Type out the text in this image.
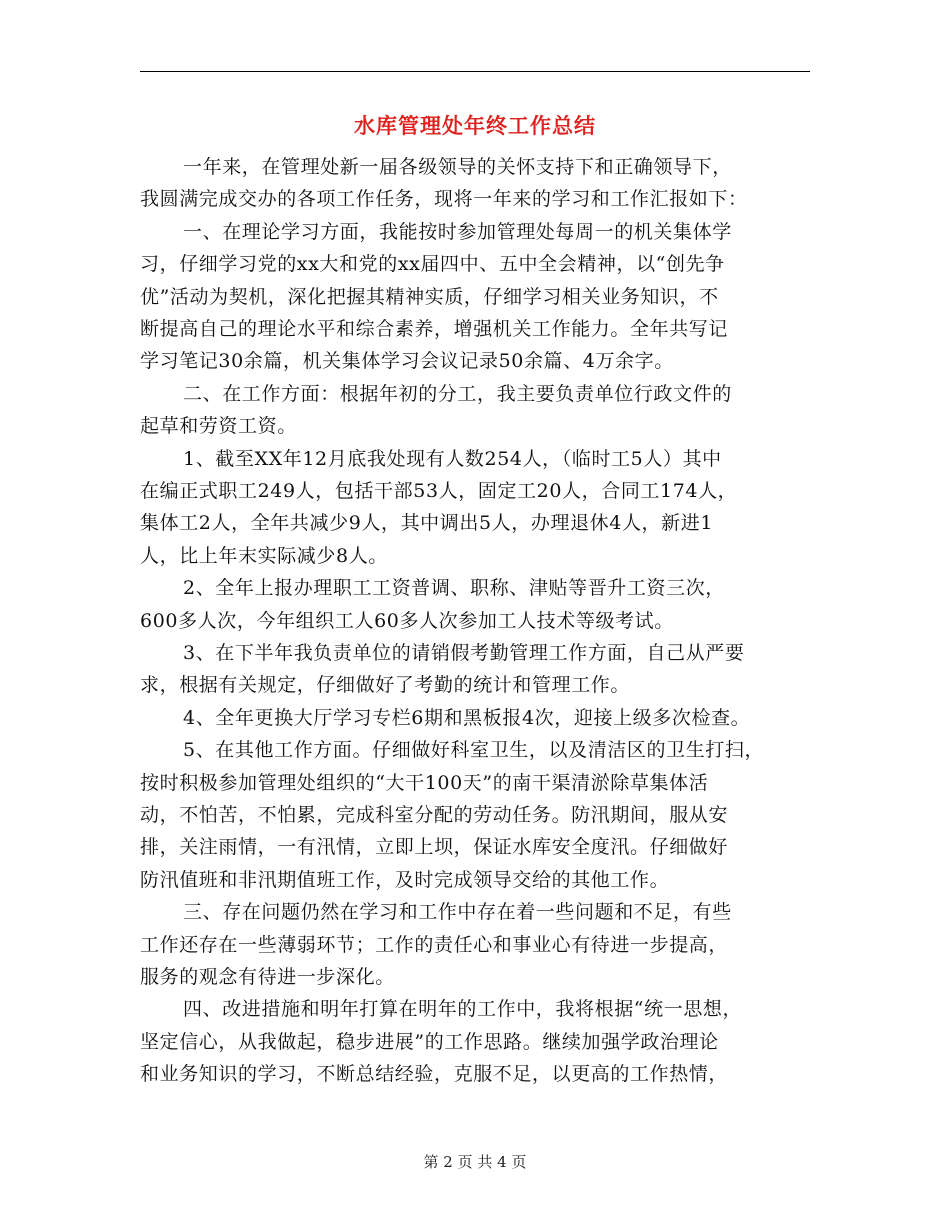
水库管理处年终工作总结
一年来，在管理处新一届各级领导的关怀支持下和正确领导下，
我圆满完成交办的各项工作任务，现将一年来的学习和工作汇报如下：
一、在理论学习方面，我能按时参加管理处每周一的机关集体学
习，仔细学习党的xx大和党的xx届四中、五中全会精神，以“创先争
优”活动为契机，深化把握其精神实质，仔细学习相关业务知识，不
断提高自己的理论水平和综合素养，增强机关工作能力。全年共写记
学习笔记30余篇，机关集体学习会议记录50余篇、4万余字。
二、在工作方面：根据年初的分工，我主要负责单位行政文件的
起草和劳资工资。
1、截至XX年12月底我处现有人数254人，（临时工5人）其中
在编正式职工249人，包括干部53人，固定工20人，合同工174人，
集体工2人，全年共减少9人，其中调出5人，办理退休4人，新进1
人，比上年末实际减少8人。
2、全年上报办理职工工资普调、职称、津贴等晋升工资三次，
600多人次，今年组织工人60多人次参加工人技术等级考试。
3、在下半年我负责单位的请销假考勤管理工作方面，自己从严要
求，根据有关规定，仔细做好了考勤的统计和管理工作。
4、全年更换大厅学习专栏6期和黑板报4次，迎接上级多次检查。
5、在其他工作方面。仔细做好科室卫生，以及清洁区的卫生打扫，
按时积极参加管理处组织的“大干100天”的南干渠清淤除草集体活
动，不怕苦，不怕累，完成科室分配的劳动任务。防汛期间，服从安
排，关注雨情，一有汛情，立即上坝，保证水库安全度汛。仔细做好
防汛值班和非汛期值班工作，及时完成领导交给的其他工作。
三、存在问题仍然在学习和工作中存在着一些问题和不足，有些
工作还存在一些薄弱环节；工作的责任心和事业心有待进一步提高，
服务的观念有待进一步深化。
四、改进措施和明年打算在明年的工作中，我将根据“统一思想，
坚定信心，从我做起，稳步进展”的工作思路。继续加强学政治理论
和业务知识的学习，不断总结经验，克服不足，以更高的工作热情，
第 2 页 共 4 页
